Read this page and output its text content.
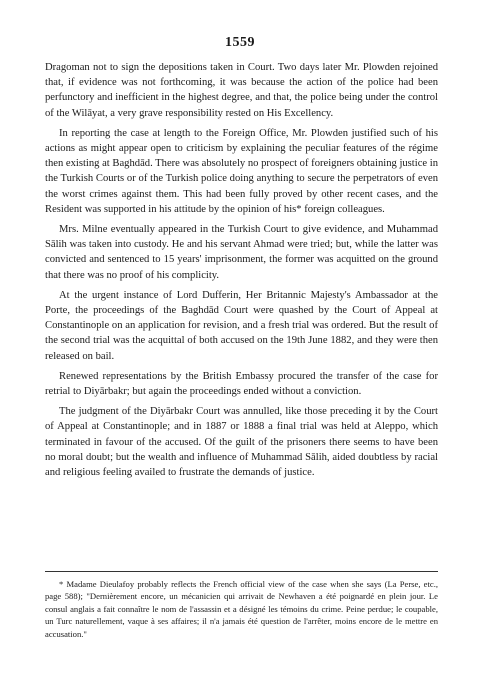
1559

Dragoman not to sign the depositions taken in Court. Two days later Mr. Plowden rejoined that, if evidence was not forthcoming, it was because the action of the police had been perfunctory and inefficient in the highest degree, and that, the police being under the control of the Wilāyat, a very grave responsibility rested on His Excellency.

In reporting the case at length to the Foreign Office, Mr. Plowden justified such of his actions as might appear open to criticism by explaining the peculiar features of the régime then existing at Baghdād. There was absolutely no prospect of foreigners obtaining justice in the Turkish Courts or of the Turkish police doing anything to secure the perpetrators of even the worst crimes against them. This had been fully proved by other recent cases, and the Resident was supported in his attitude by the opinion of his* foreign colleagues.

Mrs. Milne eventually appeared in the Turkish Court to give evidence, and Muhammad Sālih was taken into custody. He and his servant Ahmad were tried; but, while the latter was convicted and sentenced to 15 years' imprisonment, the former was acquitted on the ground that there was no proof of his complicity.

At the urgent instance of Lord Dufferin, Her Britannic Majesty's Ambassador at the Porte, the proceedings of the Baghdād Court were quashed by the Court of Appeal at Constantinople on an application for revision, and a fresh trial was ordered. But the result of the second trial was the acquittal of both accused on the 19th June 1882, and they were then released on bail.

Renewed representations by the British Embassy procured the transfer of the case for retrial to Diyārbakr; but again the proceedings ended without a conviction.

The judgment of the Diyārbakr Court was annulled, like those preceding it by the Court of Appeal at Constantinople; and in 1887 or 1888 a final trial was held at Aleppo, which terminated in favour of the accused. Of the guilt of the prisoners there seems to have been no moral doubt; but the wealth and influence of Muhammad Sālih, aided doubtless by racial and religious feeling availed to frustrate the demands of justice.

* Madame Dieulafoy probably reflects the French official view of the case when she says (La Perse, etc., page 588); "Dernièrement encore, un mécanicien qui arrivait de Newhaven a été poignardé en plein jour. Le consul anglais a fait connaître le nom de l'assassin et a désigné les témoins du crime. Peine perdue; le coupable, un Turc naturellement, vaque à ses affaires; il n'a jamais été question de l'arrêter, moins encore de le mettre en accusation."
